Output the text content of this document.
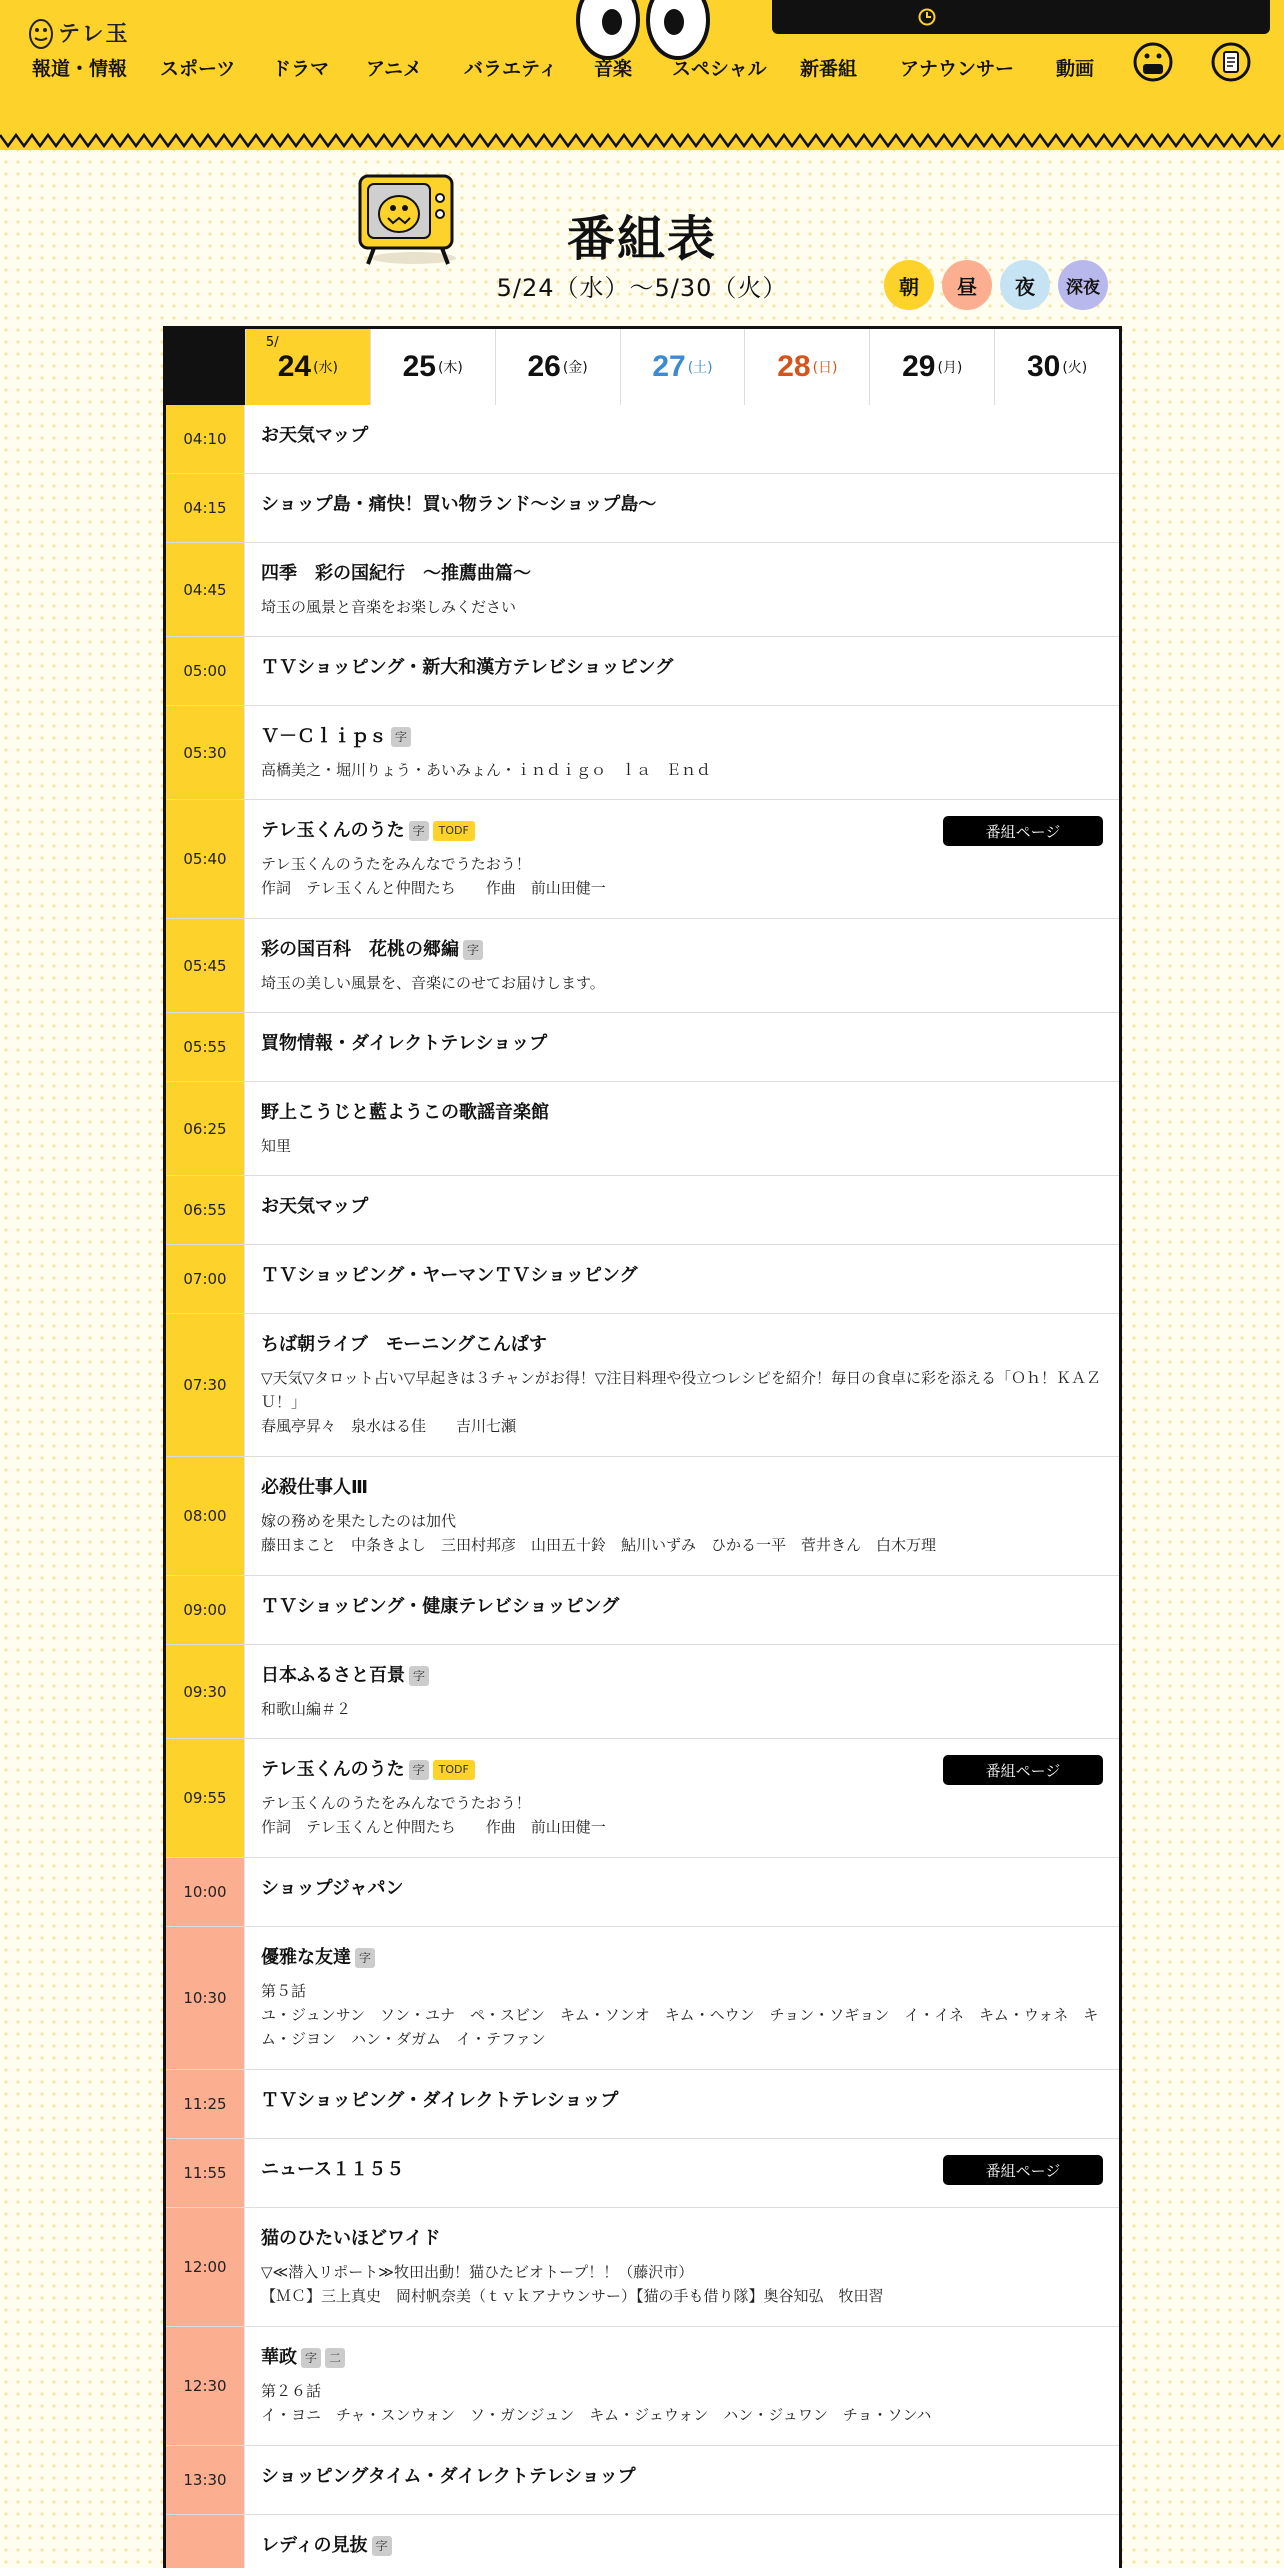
テレ玉
報道・情報 スポーツ ドラマ アニメ バラエティ 音楽 スペシャル 新番組 アナウンサー 動画
番組表
5/24（水）〜5/30（火）	朝	昼	夜	深夜
5/
24 (水) 25 (木) 26 (金) 27 (土) 28 (日) 29 (月) 30 (火)
04:10	お天気マップ
04:15	ショップ島・痛快！買い物ランド～ショップ島～
04:45
四季　彩の国紀行　～推薦曲篇～
埼玉の風景と音楽をお楽しみください
05:00	ＴＶショッピング・新大和漢方テレビショッピング
05:30
Ｖ－Ｃｌｉｐｓ 字
高橋美之・堀川りょう・あいみょん・ｉｎｄｉｇｏ　ｌａ　Ｅｎｄ
05:40
テレ玉くんのうた 字	TODF
テレ玉くんのうたをみんなでうたおう！
作詞　テレ玉くんと仲間たち　　作曲　前山田健一
番組ページ
05:45
彩の国百科　花桃の郷編 字
埼玉の美しい風景を、音楽にのせてお届けします。
05:55	買物情報・ダイレクトテレショップ
06:25
野上こうじと藍ようこの歌謡音楽館
知里
06:55	お天気マップ
07:00	ＴＶショッピング・ヤーマンＴＶショッピング
07:30
ちば朝ライブ　モーニングこんぱす
▽天気▽タロット占い▽早起きは３チャンがお得！▽注目料理や役立つレシピを紹介！毎日の食卓に彩を添える「Ｏｈ！ＫＡＺＵ！」
春風亭昇々　泉水はる佳　　吉川七瀬
08:00
必殺仕事人Ⅲ
嫁の務めを果たしたのは加代
藤田まこと　中条きよし　三田村邦彦　山田五十鈴　鮎川いずみ　ひかる一平　菅井きん　白木万理
09:00	ＴＶショッピング・健康テレビショッピング
09:30
日本ふるさと百景 字
和歌山編＃２
09:55
テレ玉くんのうた 字	TODF
テレ玉くんのうたをみんなでうたおう！
作詞　テレ玉くんと仲間たち　　作曲　前山田健一
番組ページ
10:00	ショップジャパン
10:30
優雅な友達 字
第５話
ユ・ジュンサン　ソン・ユナ　ペ・スビン　キム・ソンオ　キム・ヘウン　チョン・ソギョン　イ・イネ　キム・ウォネ　キム・ジヨン　ハン・ダガム　イ・テファン
11:25	ＴＶショッピング・ダイレクトテレショップ
11:55	ニュース１１５５	番組ページ
12:00
猫のひたいほどワイド
▽≪潜入リポート≫牧田出動！猫ひたビオトープ！！（藤沢市）
【ＭＣ】三上真史　岡村帆奈美（ｔｖｋアナウンサー）【猫の手も借り隊】奥谷知弘　牧田習
12:30
華政 字	二
第２６話
イ・ヨニ　チャ・スンウォン　ソ・ガンジュン　キム・ジェウォン　ハン・ジュワン　チョ・ソンハ
13:30	ショッピングタイム・ダイレクトテレショップ
レディの見抜 字
